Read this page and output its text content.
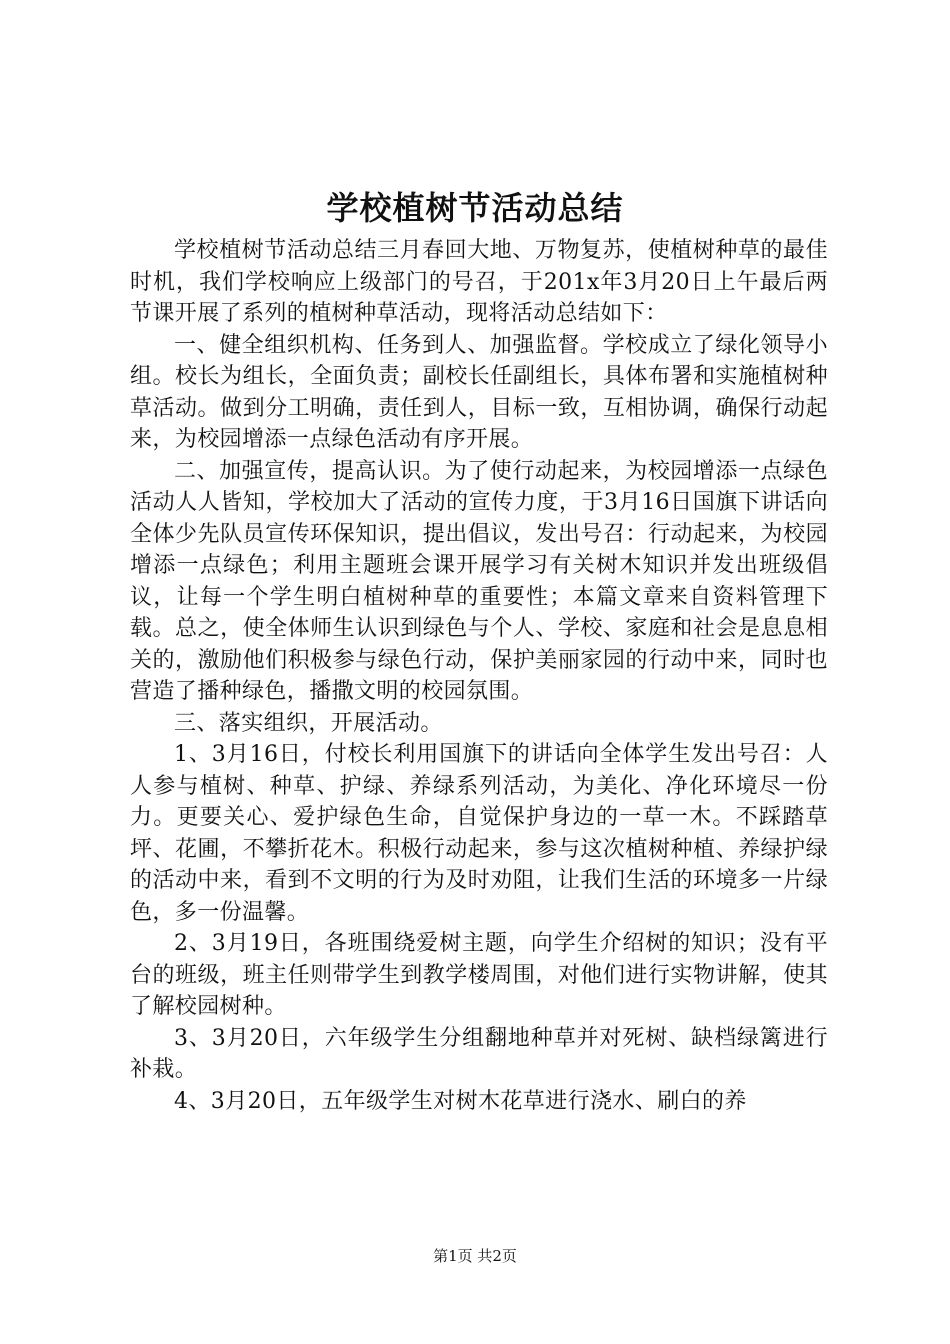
学校植树节活动总结

学校植树节活动总结三月春回大地、万物复苏，使植树种草的最佳时机，我们学校响应上级部门的号召，于201x年3月20日上午最后两节课开展了系列的植树种草活动，现将活动总结如下：

一、健全组织机构、任务到人、加强监督。学校成立了绿化领导小组。校长为组长，全面负责；副校长任副组长，具体布署和实施植树种草活动。做到分工明确，责任到人，目标一致，互相协调，确保行动起来，为校园增添一点绿色活动有序开展。

二、加强宣传，提高认识。为了使行动起来，为校园增添一点绿色活动人人皆知，学校加大了活动的宣传力度，于3月16日国旗下讲话向全体少先队员宣传环保知识，提出倡议，发出号召：行动起来，为校园增添一点绿色；利用主题班会课开展学习有关树木知识并发出班级倡议，让每一个学生明白植树种草的重要性；本篇文章来自资料管理下载。总之，使全体师生认识到绿色与个人、学校、家庭和社会是息息相关的，激励他们积极参与绿色行动，保护美丽家园的行动中来，同时也营造了播种绿色，播撒文明的校园氛围。

三、落实组织，开展活动。

1、3月16日，付校长利用国旗下的讲话向全体学生发出号召：人人参与植树、种草、护绿、养绿系列活动，为美化、净化环境尽一份力。更要关心、爱护绿色生命，自觉保护身边的一草一木。不踩踏草坪、花圃，不攀折花木。积极行动起来，参与这次植树种植、养绿护绿的活动中来，看到不文明的行为及时劝阻，让我们生活的环境多一片绿色，多一份温馨。

2、3月19日，各班围绕爱树主题，向学生介绍树的知识；没有平台的班级，班主任则带学生到教学楼周围，对他们进行实物讲解，使其了解校园树种。

3、3月20日，六年级学生分组翻地种草并对死树、缺档绿篱进行补栽。

4、3月20日，五年级学生对树木花草进行浇水、刷白的养

第1页 共2页
